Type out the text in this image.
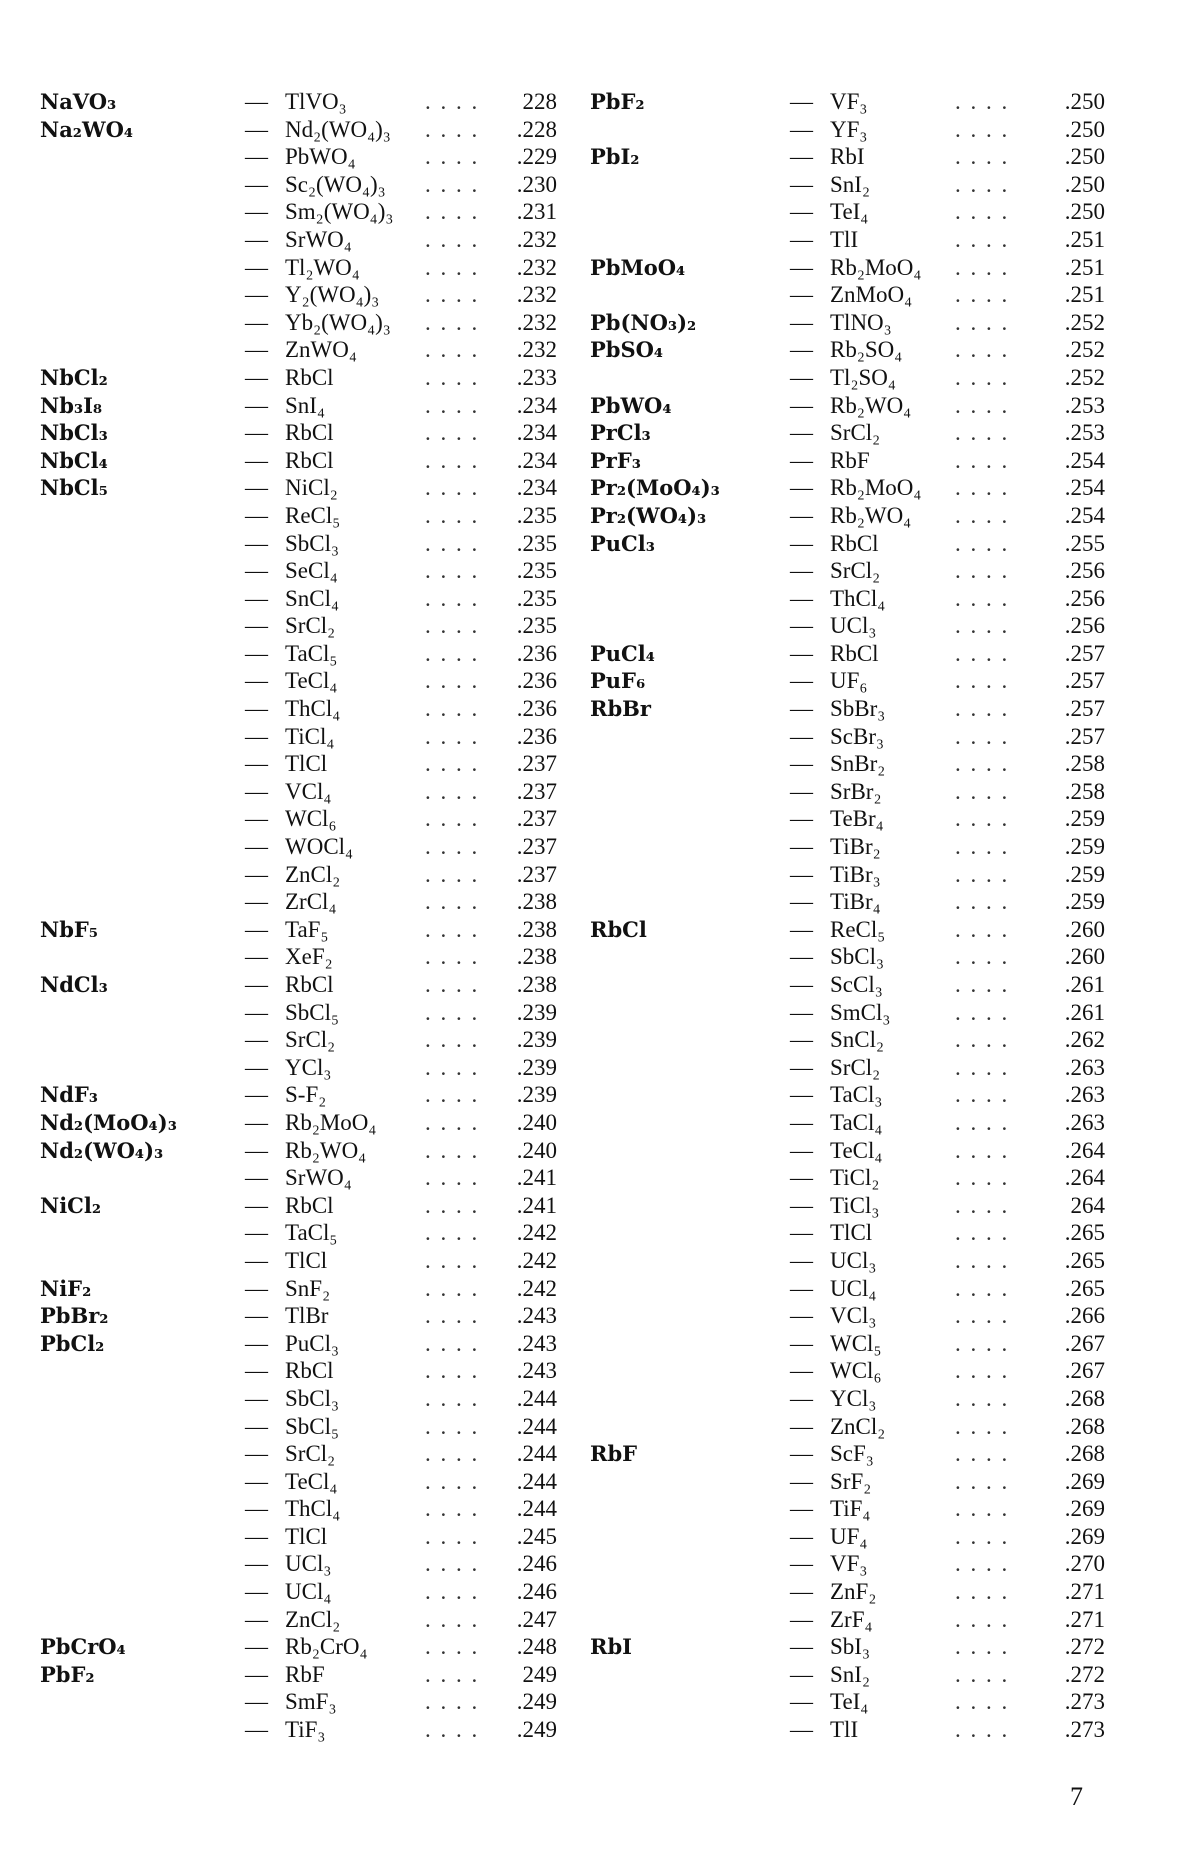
NaVO₃	— TlVO₃	. . . .	228
Na₂WO₄	— Nd₂(WO₄)₃ . . . .	.228
— PbWO₄	. . . .	.229
— Sc₂(WO₄)₃ . . . .	.230
— Sm₂(WO₄)₃ . . . .	.231
— SrWO₄	. . . .	.232
— Tl₂WO₄	. . . .	.232
— Y₂(WO₄)₃ . . . .	.232
— Yb₂(WO₄)₃ . . . .	.232
— ZnWO₄	. . . .	.232
NbCl₂	— RbCl	. . . .	.233
Nb₃I₈	— SnI₄	. . . .	.234
NbCl₃	— RbCl	. . . .	.234
NbCl₄	— RbCl	. . . .	.234
NbCl₅	— NiCl₂	. . . .	.234
— ReCl₅	. . . .	.235
— SbCl₃	. . . .	.235
— SeCl₄	. . . .	.235
— SnCl₄	. . . .	.235
— SrCl₂	. . . .	.235
— TaCl₅	. . . .	.236
— TeCl₄	. . . .	.236
— ThCl₄	. . . .	.236
— TiCl₄	. . . .	.236
— TlCl	. . . .	.237
— VCl₄	. . . .	.237
— WCl₆	. . . .	.237
— WOCl₄	. . . .	.237
— ZnCl₂	. . . .	.237
— ZrCl₄	. . . .	.238
NbF₅	— TaF₅	. . . .	.238
— XeF₂	. . . .	.238
NdCl₃	— RbCl	. . . .	.238
— SbCl₅	. . . .	.239
— SrCl₂	. . . .	.239
— YCl₃	. . . .	.239
NdF₃	— S-F₂	. . . .	.239
Nd₂(MoO₄)₃	— Rb₂MoO₄ . . . .	.240
Nd₂(WO₄)₃	— Rb₂WO₄	. . . .	.240
— SrWO₄	. . . .	.241
NiCl₂	— RbCl	. . . .	.241
— TaCl₅	. . . .	.242
— TlCl	. . . .	.242
NiF₂	— SnF₂	. . . .	.242
PbBr₂	— TlBr	. . . .	.243
PbCl₂	— PuCl₃	. . . .	.243
— RbCl	. . . .	.243
— SbCl₃	. . . .	.244
— SbCl₅	. . . .	.244
— SrCl₂	. . . .	.244
— TeCl₄	. . . .	.244
— ThCl₄	. . . .	.244
— TlCl	. . . .	.245
— UCl₃	. . . .	.246
— UCl₄	. . . .	.246
— ZnCl₂	. . . .	.247
PbCrO₄	— Rb₂CrO₄	. . . .	.248
PbF₂	— RbF	. . . .	249
— SmF₃	. . . .	.249
— TiF₃	. . . .	.249
PbF₂	— VF₃	. . . .	.250
— YF₃	. . . .	.250
PbI₂	— RbI	. . . .	.250
— SnI₂	. . . .	.250
— TeI₄	. . . .	.250
— TlI	. . . .	.251
PbMoO₄	— Rb₂MoO₄ . . . .	.251
— ZnMoO₄ . . . .	.251
Pb(NO₃)₂	— TlNO₃	. . . .	.252
PbSO₄	— Rb₂SO₄ . . . .	.252
— Tl₂SO₄	. . . .	.252
PbWO₄	— Rb₂WO₄ . . . .	.253
PrCl₃	— SrCl₂	. . . .	.253
PrF₃	— RbF	. . . .	.254
Pr₂(MoO₄)₃	— Rb₂MoO₄ . . . .	.254
Pr₂(WO₄)₃	— Rb₂WO₄ . . . .	.254
PuCl₃	— RbCl	. . . .	.255
— SrCl₂	. . . .	.256
— ThCl₄	. . . .	.256
— UCl₃	. . . .	.256
PuCl₄	— RbCl	. . . .	.257
PuF₆	— UF₆	. . . .	.257
RbBr	— SbBr₃	. . . .	.257
— ScBr₃	. . . .	.257
— SnBr₂	. . . .	.258
— SrBr₂	. . . .	.258
— TeBr₄	. . . .	.259
— TiBr₂	. . . .	.259
— TiBr₃	. . . .	.259
— TiBr₄	. . . .	.259
RbCl	— ReCl₅	. . . .	.260
— SbCl₃	. . . .	.260
— ScCl₃	. . . .	.261
— SmCl₃	. . . .	.261
— SnCl₂	. . . .	.262
— SrCl₂	. . . .	.263
— TaCl₃	. . . .	.263
— TaCl₄	. . . .	.263
— TeCl₄	. . . .	.264
— TiCl₂	. . . .	.264
— TiCl₃	. . . .	264
— TlCl	. . . .	.265
— UCl₃	. . . .	.265
— UCl₄	. . . .	.265
— VCl₃	. . . .	.266
— WCl₅	. . . .	.267
— WCl₆	. . . .	.267
— YCl₃	. . . .	.268
— ZnCl₂	. . . .	.268
RbF	— ScF₃	. . . .	.268
— SrF₂	. . . .	.269
— TiF₄	. . . .	.269
— UF₄	. . . .	.269
— VF₃	. . . .	.270
— ZnF₂	. . . .	.271
— ZrF₄	. . . .	.271
RbI	— SbI₃	. . . .	.272
— SnI₂	. . . .	.272
— TeI₄	. . . .	.273
— TlI	. . . .	.273
7
